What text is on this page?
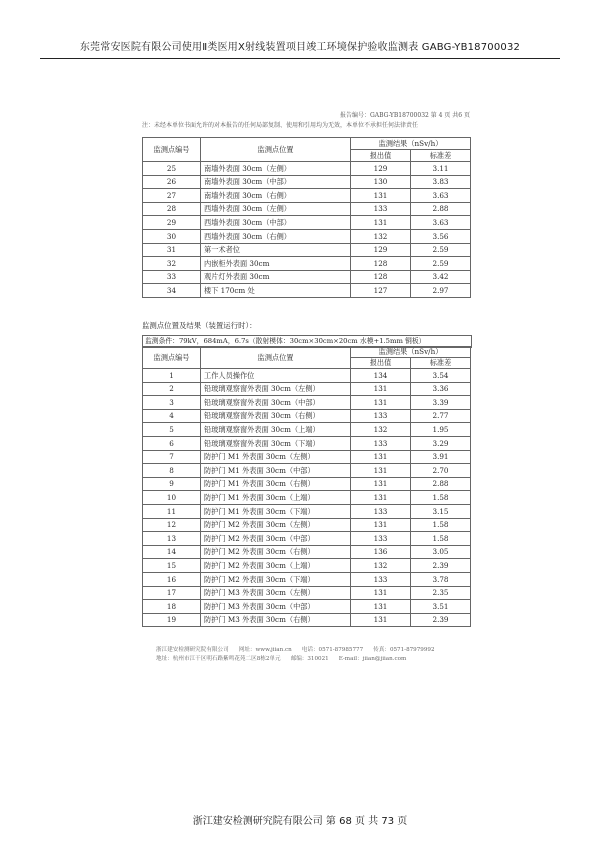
东莞常安医院有限公司使用Ⅱ类医用X射线装置项目竣工环境保护验收监测表 GABG-YB18700032
报告编号：GABG-YB18700032 第 4 页 共6 页
注：未经本单位书面允许的对本报告的任何局部复制、使用和引用均为无效，本单位不承担任何法律责任
监测点编号	监测点位置	监测结果（nSv/h）	
		报出值	标准差
25	南墙外表面 30cm（左侧）	129	3.11
26	南墙外表面 30cm（中部）	130	3.83
27	南墙外表面 30cm（右侧）	131	3.63
28	西墙外表面 30cm（左侧）	133	2.88
29	西墙外表面 30cm（中部）	131	3.63
30	西墙外表面 30cm（右侧）	132	3.56
31	第一术者位	129	2.59
32	内嵌柜外表面 30cm	128	2.59
33	观片灯外表面 30cm	128	3.42
34	楼下 170cm 处	127	2.97
监测点位置及结果（装置运行时）：
监测条件：79kV，684mA，6.7s（散射模体：30cm×30cm×20cm 水模+1.5mm 铜板）
监测点编号	监测点位置	监测结果（nSv/h）	
		报出值	标准差
1	工作人员操作位	134	3.54
2	铅玻璃观察窗外表面 30cm（左侧）	131	3.36
3	铅玻璃观察窗外表面 30cm（中部）	131	3.39
4	铅玻璃观察窗外表面 30cm（右侧）	133	2.77
5	铅玻璃观察窗外表面 30cm（上端）	132	1.95
6	铅玻璃观察窗外表面 30cm（下端）	133	3.29
7	防护门 M1 外表面 30cm（左侧）	131	3.91
8	防护门 M1 外表面 30cm（中部）	131	2.70
9	防护门 M1 外表面 30cm（右侧）	131	2.88
10	防护门 M1 外表面 30cm（上端）	131	1.58
11	防护门 M1 外表面 30cm（下端）	133	3.15
12	防护门 M2 外表面 30cm（左侧）	131	1.58
13	防护门 M2 外表面 30cm（中部）	133	1.58
14	防护门 M2 外表面 30cm（右侧）	136	3.05
15	防护门 M2 外表面 30cm（上端）	132	2.39
16	防护门 M2 外表面 30cm（下端）	133	3.78
17	防护门 M3 外表面 30cm（左侧）	131	2.35
18	防护门 M3 外表面 30cm（中部）	131	3.51
19	防护门 M3 外表面 30cm（右侧）	131	2.39
浙江建安检测研究院有限公司 网址：www.jiian.cn 电话：0571-87985777 传真：0571-87979992
地址：杭州市江干区明石路紫鸣花苑二区8栋2单元 邮编：310021 E-mail：jiian@jiian.com
浙江建安检测研究院有限公司 第 68 页 共 73 页
